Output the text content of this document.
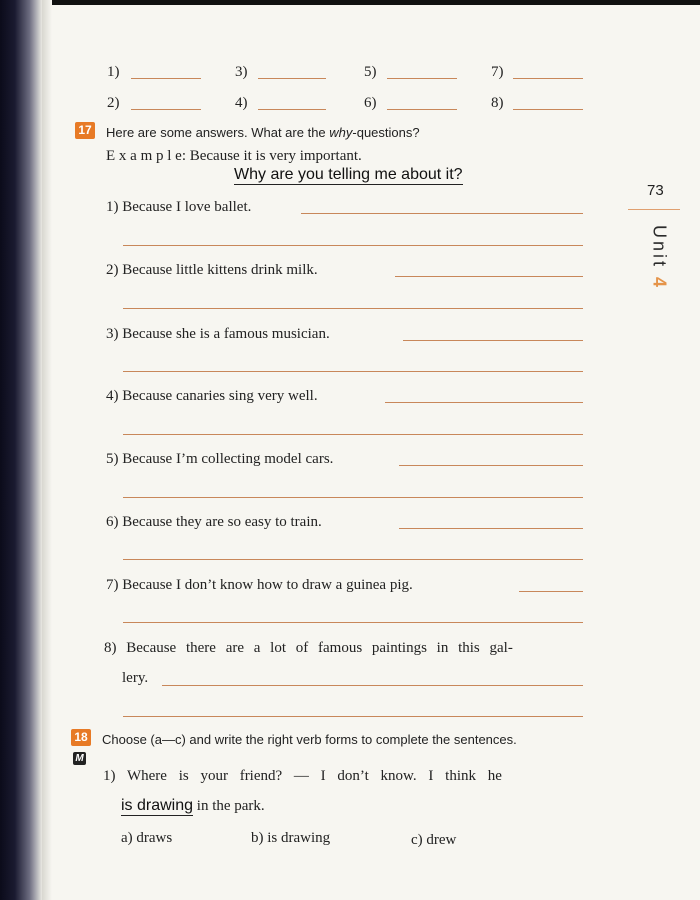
1)	3)	5)	7)
2)	4)	6)	8)
73
Unit 4
17 Here are some answers. What are the why-questions?
E x a m p l e: Because it is very important.
Why are you telling me about it?
1) Because I love ballet.
2) Because little kittens drink milk.
3) Because she is a famous musician.
4) Because canaries sing very well.
5) Because I’m collecting model cars.
6) Because they are so easy to train.
7) Because I don’t know how to draw a guinea pig.
8) Because there are a lot of famous paintings in this gal-
lery.
18 Choose (a—c) and write the right verb forms to complete the sentences.
M
1) Where is your friend? — I don’t know. I think he
is drawing in the park.
a) draws	b) is drawing	c) drew
